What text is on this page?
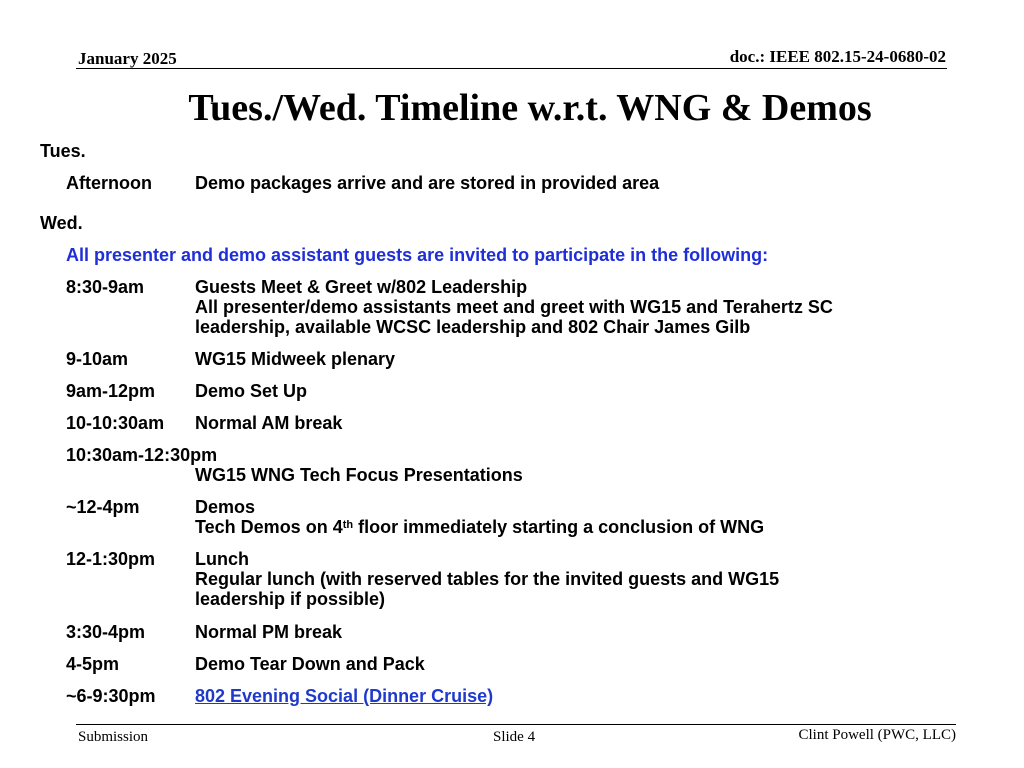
January 2025	doc.: IEEE 802.15-24-0680-02
Tues./Wed. Timeline w.r.t. WNG & Demos
Tues.
Afternoon Demo packages arrive and are stored in provided area
Wed.
All presenter and demo assistant guests are invited to participate in the following:
8:30-9am	Guests Meet & Greet w/802 Leadership
All presenter/demo assistants meet and greet with WG15 and Terahertz SC
leadership, available WCSC leadership and 802 Chair James Gilb
9-10am	WG15 Midweek plenary
9am-12pm Demo Set Up
10-10:30am Normal AM break
10:30am-12:30pm
WG15 WNG Tech Focus Presentations
~12-4pm	Demos
Tech Demos on 4th floor immediately starting a conclusion of WNG
12-1:30pm Lunch
Regular lunch (with reserved tables for the invited guests and WG15
leadership if possible)
3:30-4pm	Normal PM break
4-5pm	Demo Tear Down and Pack
~6-9:30pm 802 Evening Social (Dinner Cruise)
Submission	Slide 4	Clint Powell (PWC, LLC)
